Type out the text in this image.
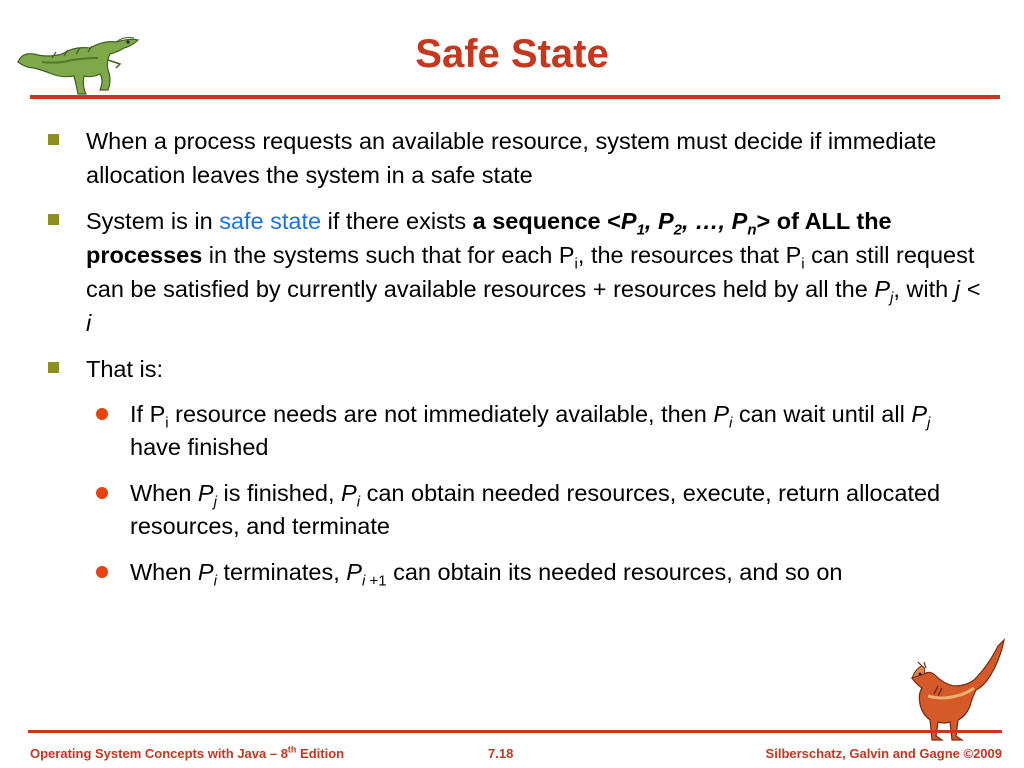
Safe State
When a process requests an available resource, system must decide if immediate allocation leaves the system in a safe state
System is in safe state if there exists a sequence $<P_1$, $P_2$, …, $P_n>$ of ALL the processes in the systems such that for each $P_i$, the resources that $P_i$ can still request can be satisfied by currently available resources + resources held by all the $P_j$, with j < i
That is:
If $P_i$ resource needs are not immediately available, then $P_i$ can wait until all $P_j$ have finished
When $P_j$ is finished, $P_i$ can obtain needed resources, execute, return allocated resources, and terminate
When $P_i$ terminates, $P_{i +1}$ can obtain its needed resources, and so on
Operating System Concepts with Java – 8th Edition	7.18	Silberschatz, Galvin and Gagne ©2009
